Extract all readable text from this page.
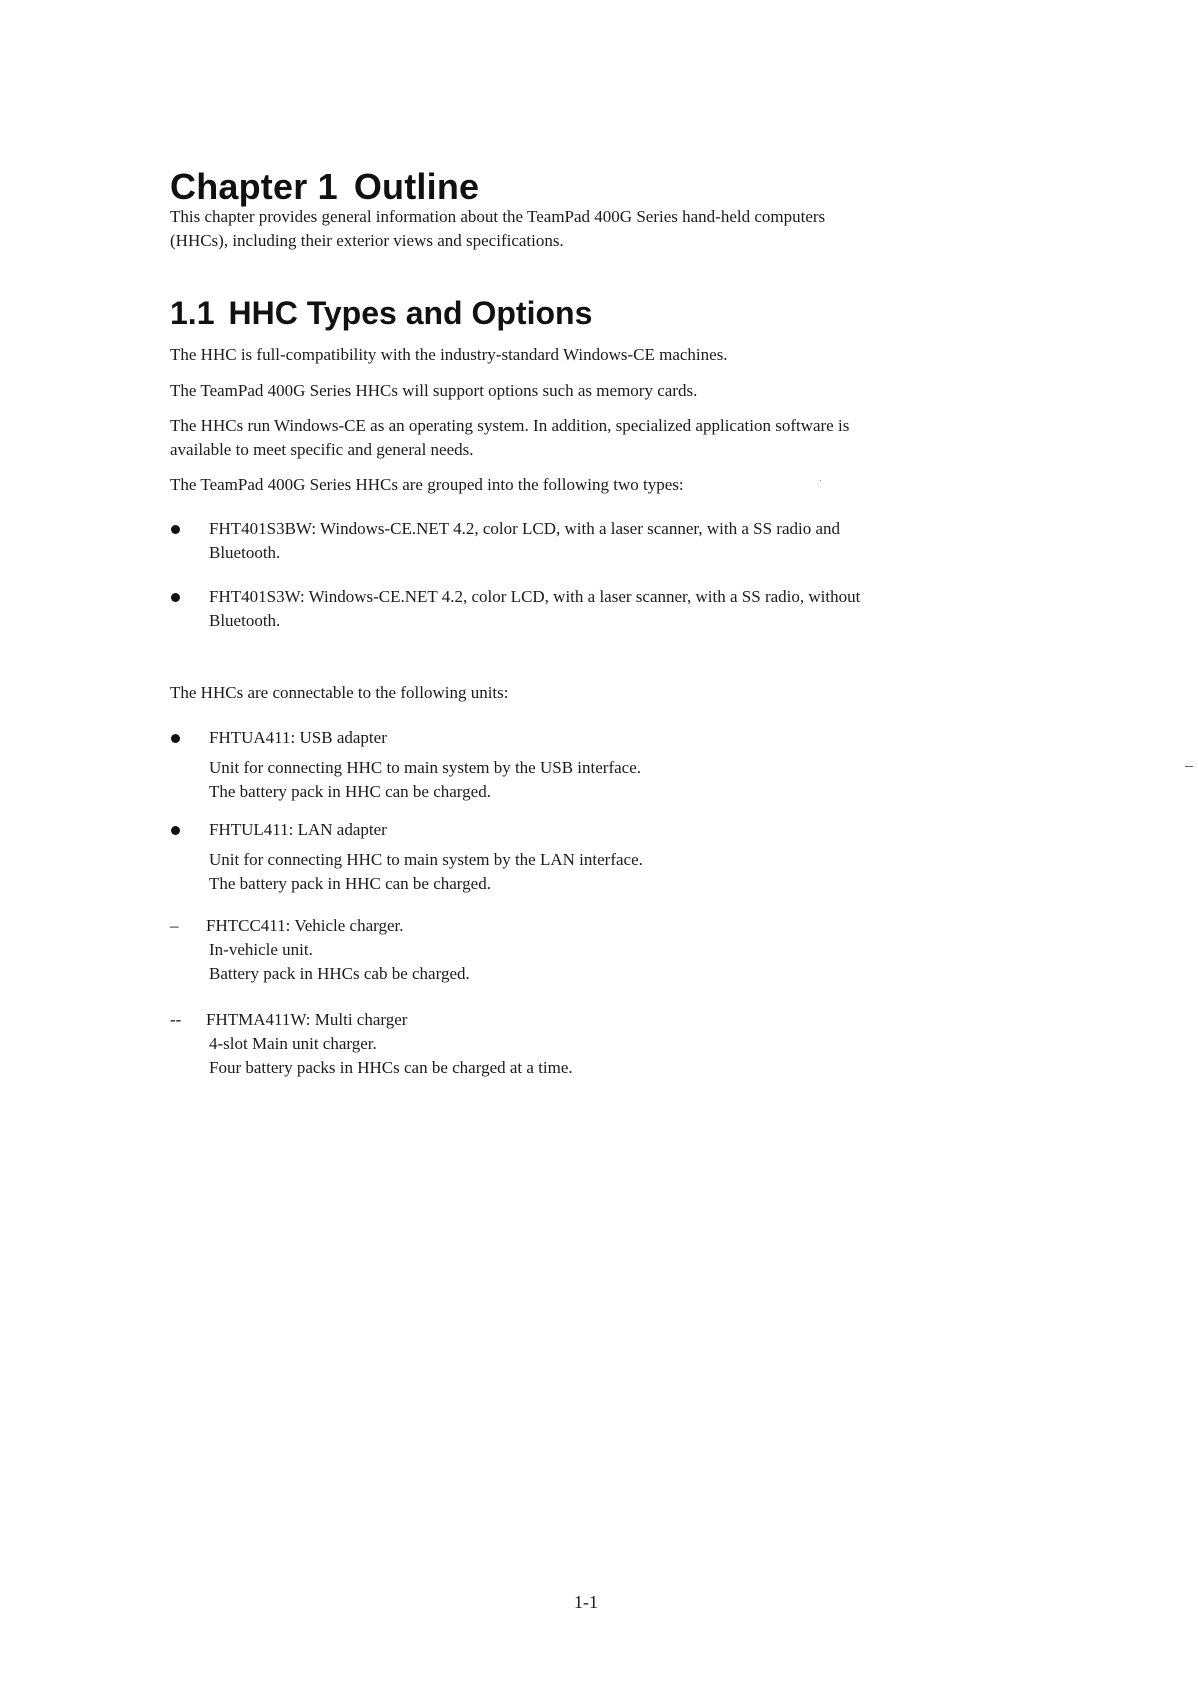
Chapter 1 Outline

This chapter provides general information about the TeamPad 400G Series hand-held computers
(HHCs), including their exterior views and specifications.

1.1 HHC Types and Options

The HHC is full-compatibility with the industry-standard Windows-CE machines.

The TeamPad 400G Series HHCs will support options such as memory cards.

The HHCs run Windows-CE as an operating system. In addition, specialized application software is
available to meet specific and general needs.

The TeamPad 400G Series HHCs are grouped into the following two types:

FHT401S3BW: Windows-CE.NET 4.2, color LCD, with a laser scanner, with a SS radio and
Bluetooth.

FHT401S3W: Windows-CE.NET 4.2, color LCD, with a laser scanner, with a SS radio, without
Bluetooth.

The HHCs are connectable to the following units:

FHTUA411: USB adapter
Unit for connecting HHC to main system by the USB interface.
The battery pack in HHC can be charged.

FHTUL411: LAN adapter
Unit for connecting HHC to main system by the LAN interface.
The battery pack in HHC can be charged.

– FHTCC411: Vehicle charger.
In-vehicle unit.
Battery pack in HHCs cab be charged.

-- FHTMA411W: Multi charger
4-slot Main unit charger.
Four battery packs in HHCs can be charged at a time.

1-1
